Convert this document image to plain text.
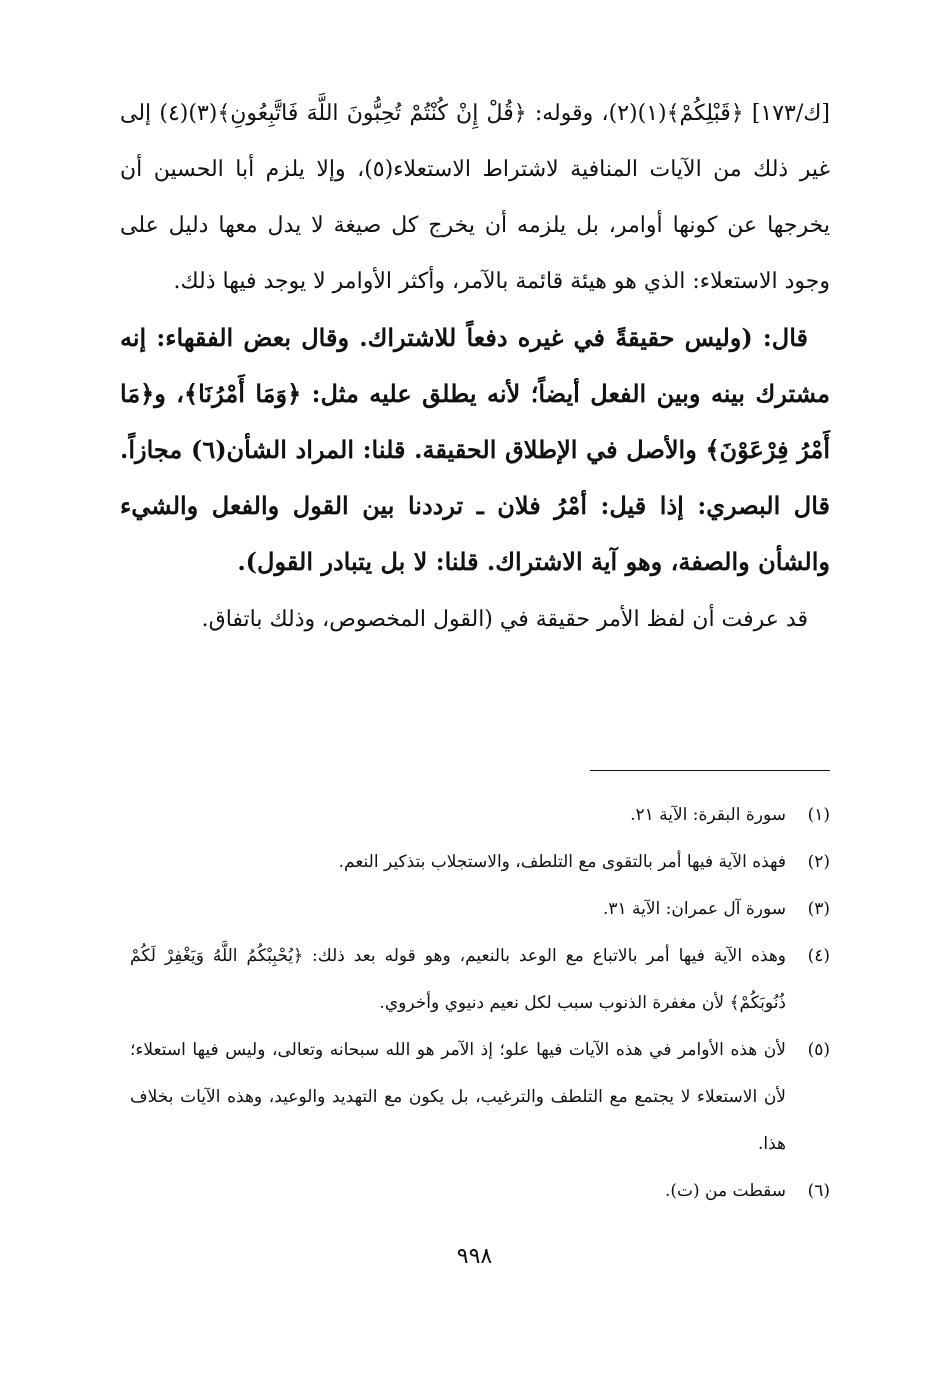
[ك/١٧٣] ﴿قَبْلِكُمْ﴾(١)(٢)، وقوله: ﴿قُلْ إِنْ كُنْتُمْ تُحِبُّونَ اللَّهَ فَاتَّبِعُونِ﴾(٣)(٤) إلى غير ذلك من الآيات المنافية لاشتراط الاستعلاء(٥)، وإلا يلزم أبا الحسين أن يخرجها عن كونها أوامر، بل يلزمه أن يخرج كل صيغة لا يدل معها دليل على وجود الاستعلاء: الذي هو هيئة قائمة بالآمر، وأكثر الأوامر لا يوجد فيها ذلك.

قال: (وليس حقيقةً في غيره دفعاً للاشتراك. وقال بعض الفقهاء: إنه مشترك بينه وبين الفعل أيضاً؛ لأنه يطلق عليه مثل: ﴿وَمَا أَمْرُنَا﴾، و﴿مَا أَمْرُ فِرْعَوْنَ﴾ والأصل في الإطلاق الحقيقة. قلنا: المراد الشأن(٦) مجازاً. قال البصري: إذا قيل: أمْرُ فلان ـ ترددنا بين القول والفعل والشيء والشأن والصفة، وهو آية الاشتراك. قلنا: لا بل يتبادر القول).

قد عرفت أن لفظ الأمر حقيقة في (القول المخصوص، وذلك باتفاق.

(١)
سورة البقرة: الآية ٢١.
(٢)
فهذه الآية فيها أمر بالتقوى مع التلطف، والاستجلاب بتذكير النعم.
(٣)
سورة آل عمران: الآية ٣١.
(٤)
وهذه الآية فيها أمر بالاتباع مع الوعد بالنعيم، وهو قوله بعد ذلك: ﴿يُحْبِبْكُمُ اللَّهُ وَيَغْفِرْ لَكُمْ ذُنُوبَكُمْ﴾ لأن مغفرة الذنوب سبب لكل نعيم دنيوي وأخروي.
(٥)
لأن هذه الأوامر في هذه الآيات فيها علو؛ إذ الآمر هو الله سبحانه وتعالى، وليس فيها استعلاء؛ لأن الاستعلاء لا يجتمع مع التلطف والترغيب، بل يكون مع التهديد والوعيد، وهذه الآيات بخلاف هذا.
(٦)
سقطت من (ت).
٩٩٨
